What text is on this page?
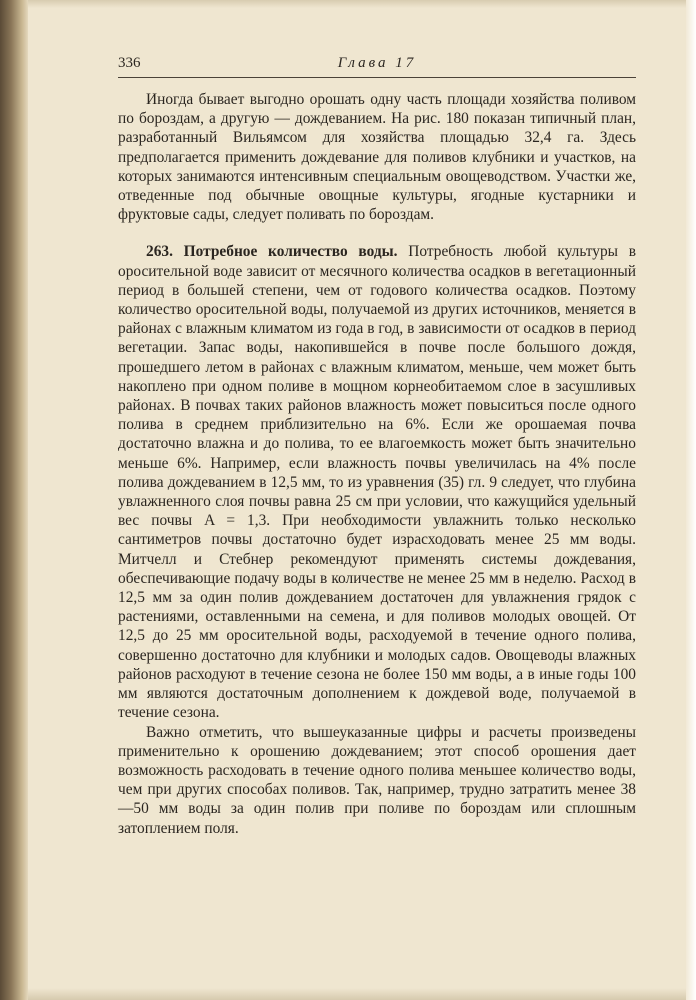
336	Глава 17

Иногда бывает выгодно орошать одну часть площади хозяйства поливом по бороздам, а другую — дождеванием. На рис. 180 показан типичный план, разработанный Вильямсом для хозяйства площадью 32,4 га. Здесь предполагается применить дождевание для поливов клубники и участков, на которых занимаются интенсивным специальным овощеводством. Участки же, отведенные под обычные овощные культуры, ягодные кустарники и фруктовые сады, следует поливать по бороздам.

263. Потребное количество воды. Потребность любой культуры в оросительной воде зависит от месячного количества осадков в вегетационный период в большей степени, чем от годового количества осадков. Поэтому количество оросительной воды, получаемой из других источников, меняется в районах с влажным климатом из года в год, в зависимости от осадков в период вегетации. Запас воды, накопившейся в почве после большого дождя, прошедшего летом в районах с влажным климатом, меньше, чем может быть накоплено при одном поливе в мощном корнеобитаемом слое в засушливых районах. В почвах таких районов влажность может повыситься после одного полива в среднем приблизительно на 6%. Если же орошаемая почва достаточно влажна и до полива, то ее влагоемкость может быть значительно меньше 6%. Например, если влажность почвы увеличилась на 4% после полива дождеванием в 12,5 мм, то из уравнения (35) гл. 9 следует, что глубина увлажненного слоя почвы равна 25 см при условии, что кажущийся удельный вес почвы A = 1,3. При необходимости увлажнить только несколько сантиметров почвы достаточно будет израсходовать менее 25 мм воды. Митчелл и Стебнер рекомендуют применять системы дождевания, обеспечивающие подачу воды в количестве не менее 25 мм в неделю. Расход в 12,5 мм за один полив дождеванием достаточен для увлажнения грядок с растениями, оставленными на семена, и для поливов молодых овощей. От 12,5 до 25 мм оросительной воды, расходуемой в течение одного полива, совершенно достаточно для клубники и молодых садов. Овощеводы влажных районов расходуют в течение сезона не более 150 мм воды, а в иные годы 100 мм являются достаточным дополнением к дождевой воде, получаемой в течение сезона.

Важно отметить, что вышеуказанные цифры и расчеты произведены применительно к орошению дождеванием; этот способ орошения дает возможность расходовать в течение одного полива меньшее количество воды, чем при других способах поливов. Так, например, трудно затратить менее 38—50 мм воды за один полив при поливе по бороздам или сплошным затоплением поля.
